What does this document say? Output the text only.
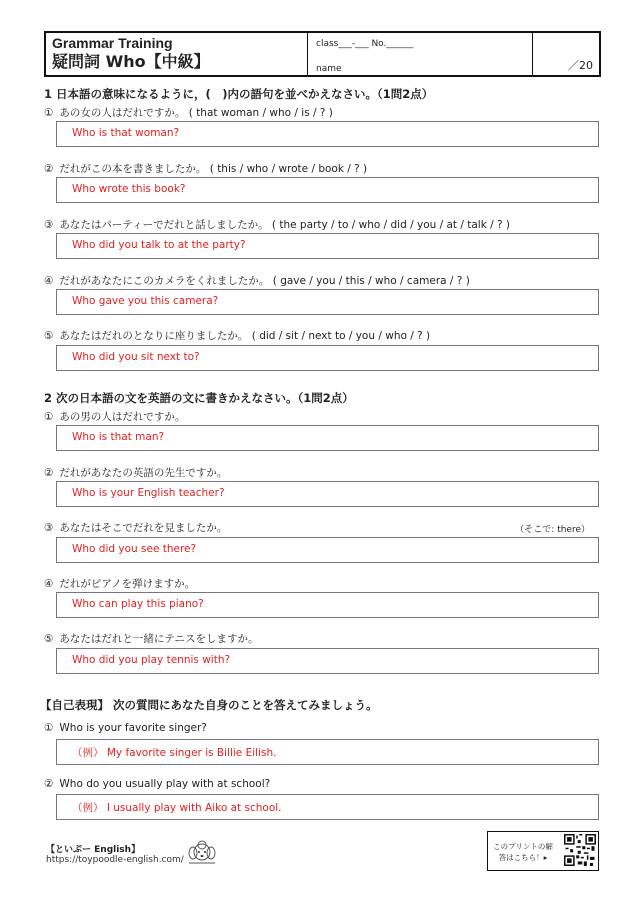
Grammar Training
疑問詞 Who【中級】
class___-___ No.______
name	／20
1 日本語の意味になるように，(　)内の語句を並べかえなさい。（1問2点）
① あの女の人はだれですか。 ( that woman / who / is / ? )
Who is that woman?
② だれがこの本を書きましたか。 ( this / who / wrote / book / ? )
Who wrote this book?
③ あなたはパーティーでだれと話しましたか。 ( the party / to / who / did / you / at / talk / ? )
Who did you talk to at the party?
④ だれがあなたにこのカメラをくれましたか。 ( gave / you / this / who / camera / ? )
Who gave you this camera?
⑤ あなたはだれのとなりに座りましたか。 ( did / sit / next to / you / who / ? )
Who did you sit next to?
2 次の日本語の文を英語の文に書きかえなさい。（1問2点）
① あの男の人はだれですか。
Who is that man?
② だれがあなたの英語の先生ですか。
Who is your English teacher?
③ あなたはそこでだれを見ましたか。	（そこで: there）
Who did you see there?
④ だれがピアノを弾けますか。
Who can play this piano?
⑤ あなたはだれと一緒にテニスをしますか。
Who did you play tennis with?
【自己表現】 次の質問にあなた自身のことを答えてみましょう。
① Who is your favorite singer?
（例） My favorite singer is Billie Eilish.
② Who do you usually play with at school?
（例） I usually play with Aiko at school.
【といぷー English】
https://toypoodle-english.com/
このプリントの解答はこちら！▸
